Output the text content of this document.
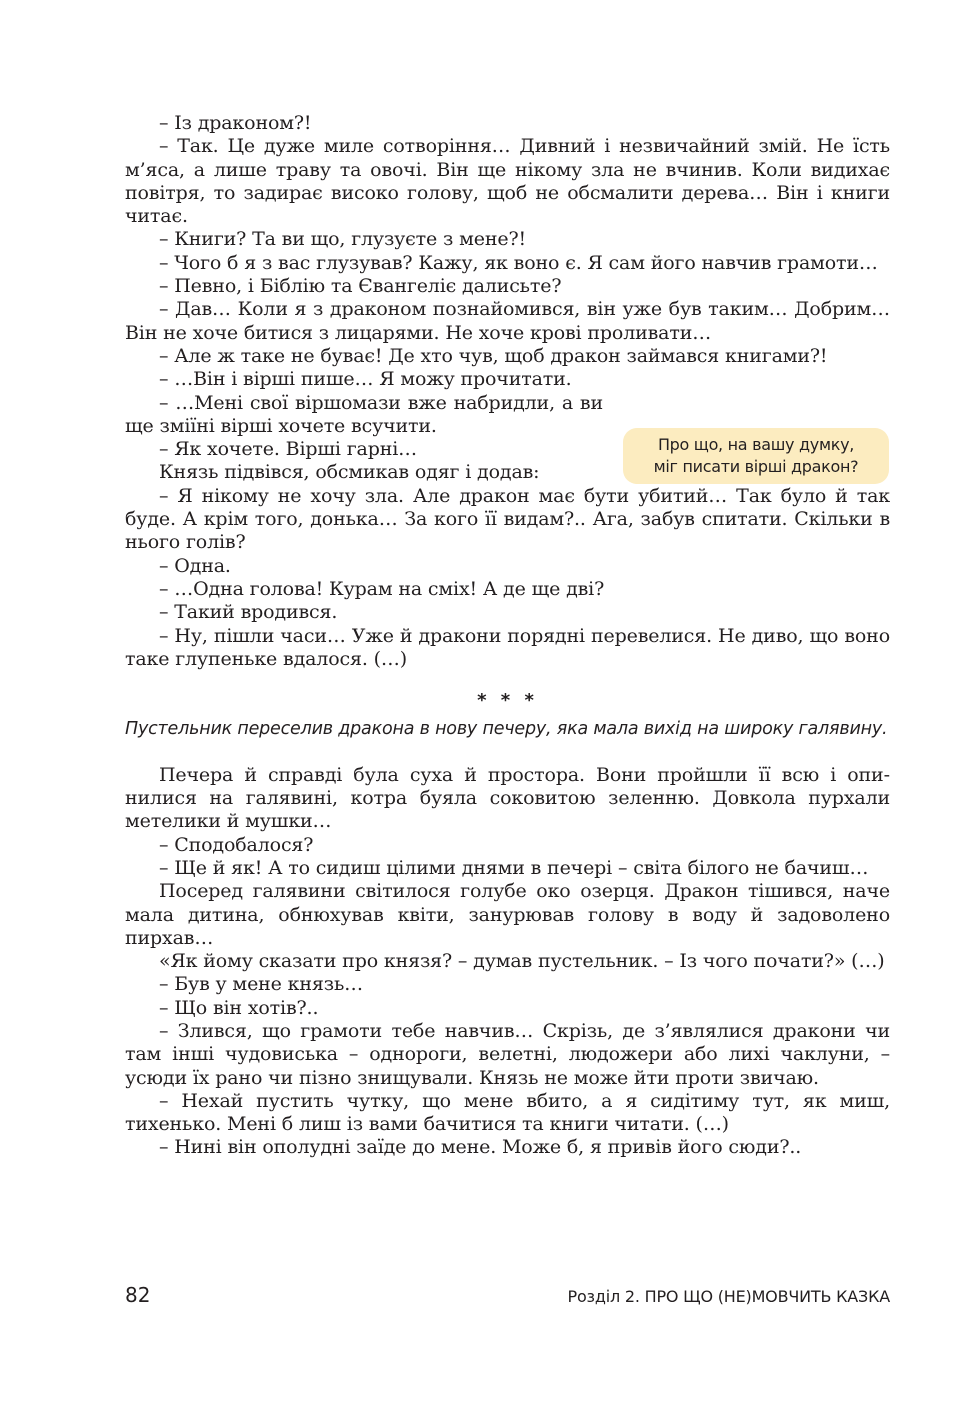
– Із драконом?!

– Так. Це дуже миле сотворіння… Дивний і незвичайний змій. Не їсть м’яса, а лише траву та овочі. Він ще нікому зла не вчинив. Коли видихає повітря, то задирає високо голову, щоб не обсмалити дерева… Він і книги читає.

– Книги? Та ви що, глузуєте з мене?!

– Чого б я з вас глузував? Кажу, як воно є. Я сам його навчив грамоти…

– Певно, і Біблію та Євангеліє далисьте?

– Дав… Коли я з драконом познайомився, він уже був таким… Добрим… Він не хоче битися з лицарями. Не хоче крові проливати…

– Але ж таке не буває! Де хто чув, щоб дракон займався книгами?!

– …Він і вірші пише… Я можу прочитати.

– …Мені свої віршомази вже набридли, а ви ще зміїні вірші хочете всучити.

– Як хочете. Вірші гарні…

Князь підвівся, обсмикав одяг і додав:

– Я нікому не хочу зла. Але дракон має бути убитий… Так було й так буде. А крім того, донька… За кого її видам?.. Ага, забув спитати. Скільки в нього голів?

– Одна.

– …Одна голова! Курам на сміх! А де ще дві?

– Такий вродився.

– Ну, пішли часи… Уже й дракони порядні перевелися. Не диво, що воно таке глупеньке вдалося. (…)

* * *

Пустельник переселив дракона в нову печеру, яка мала вихід на широку галявину.

Печера й справді була суха й простора. Вони пройшли її всю і опинилися на галявині, котра буяла соковитою зеленню. Довкола пурхали метелики й мушки…

– Сподобалося?

– Ще й як! А то сидиш цілими днями в печері – світа білого не бачиш…

Посеред галявини світилося голубе око озерця. Дракон тішився, наче мала дитина, обнюхував квіти, занурював голову в воду й задоволено пирхав…

«Як йому сказати про князя? – думав пустельник. – Із чого почати?» (…)

– Був у мене князь…

– Що він хотів?..

– Злився, що грамоти тебе навчив… Скрізь, де з’являлися дракони чи там інші чудовиська – однороги, велетні, людожери або лихі чаклуни, – усюди їх рано чи пізно знищували. Князь не може йти проти звичаю.

– Нехай пустить чутку, що мене вбито, а я сидітиму тут, як миш, тихенько. Мені б лиш із вами бачитися та книги читати. (…)

– Нині він ополудні заїде до мене. Може б, я привів його сюди?..

Про що, на вашу думку,
міг писати вірші дракон?
82	Розділ 2. ПРО ЩО (НЕ)МОВЧИТЬ КАЗКА
